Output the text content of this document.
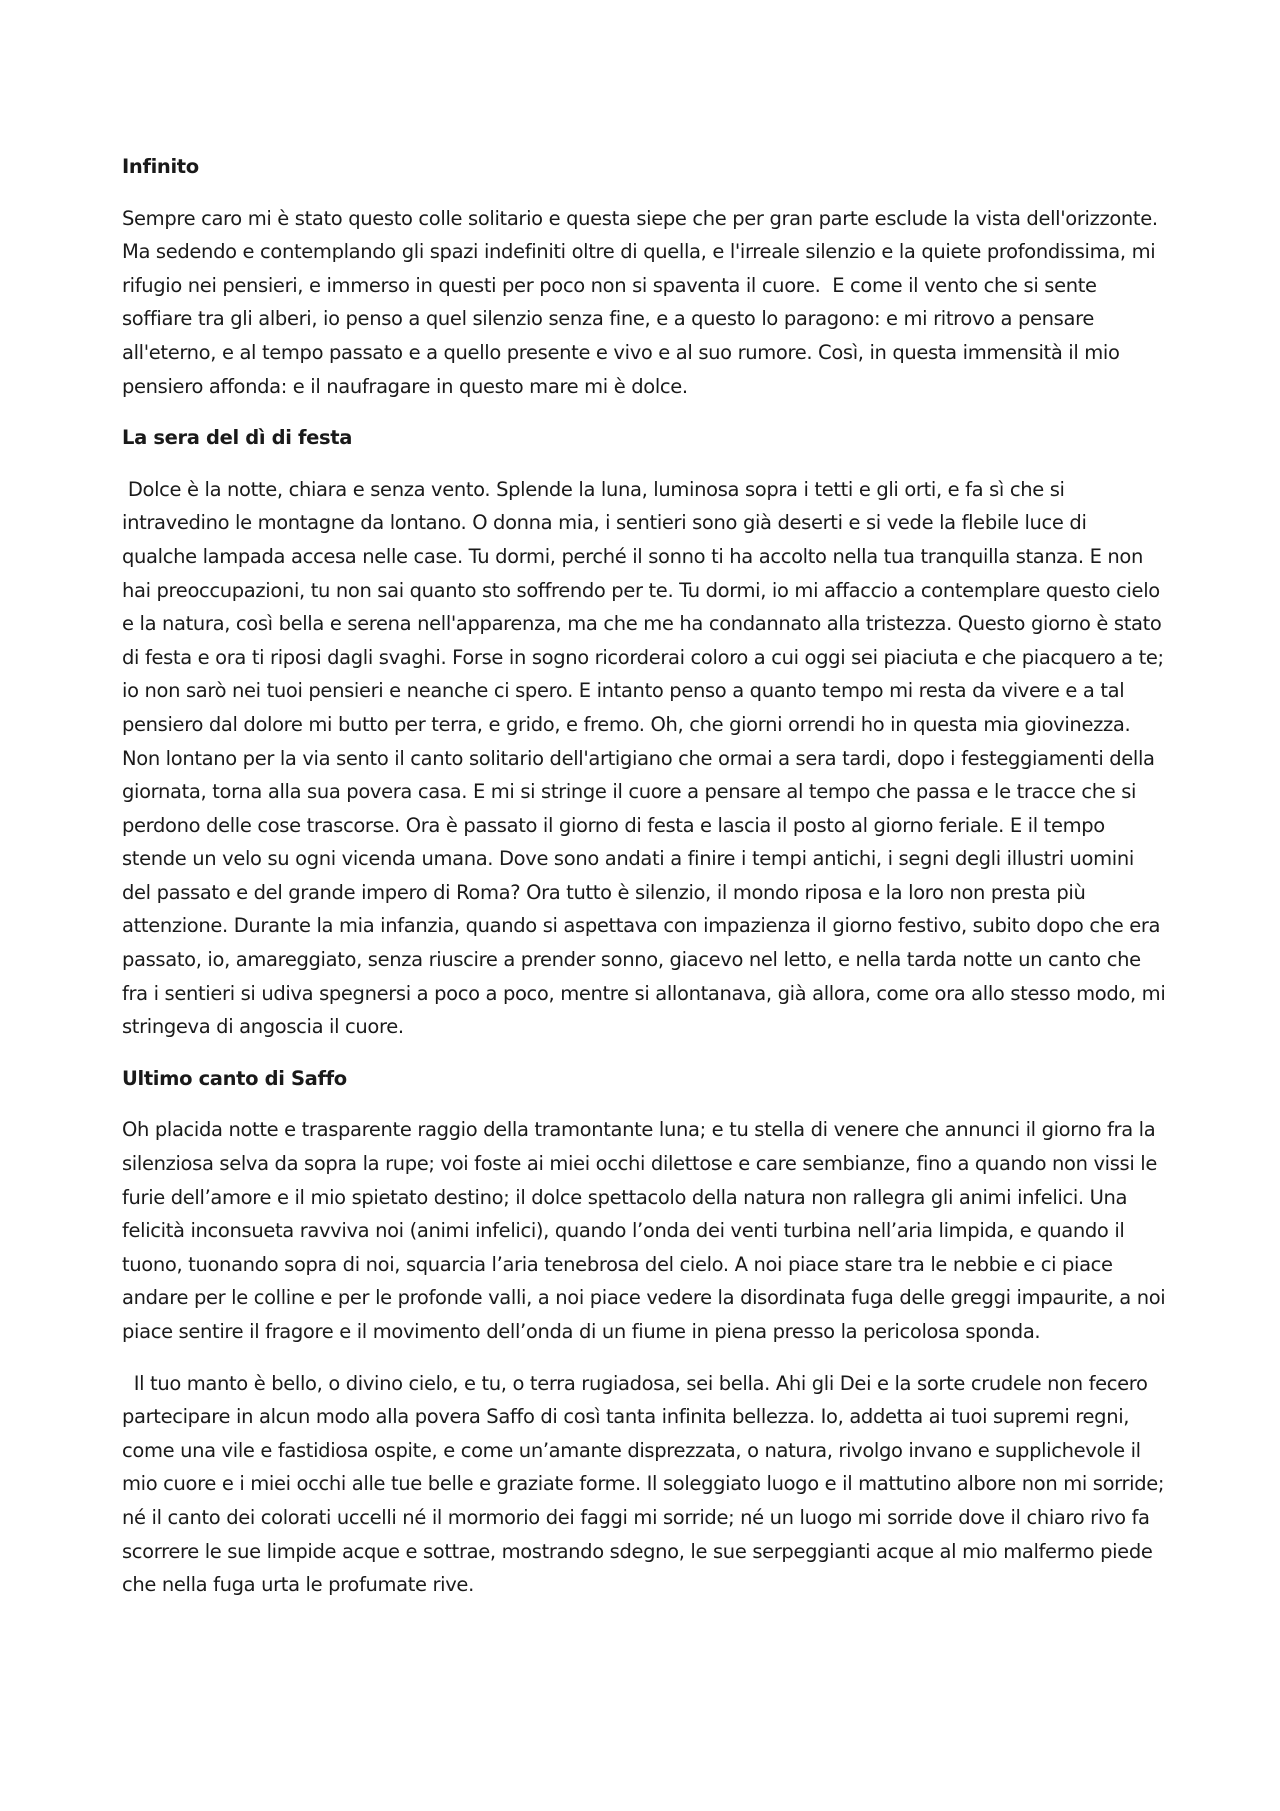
Infinito

Sempre caro mi è stato questo colle solitario e questa siepe che per gran parte esclude la vista dell'orizzonte.  Ma sedendo e contemplando gli spazi indefiniti oltre di quella, e l'irreale silenzio e la quiete profondissima, mi rifugio nei pensieri, e immerso in questi per poco non si spaventa il cuore.  E come il vento che si sente soffiare tra gli alberi, io penso a quel silenzio senza fine, e a questo lo paragono: e mi ritrovo a pensare all'eterno, e al tempo passato e a quello presente e vivo e al suo rumore. Così, in questa immensità il mio pensiero affonda: e il naufragare in questo mare mi è dolce.

La sera del dì di festa

Dolce è la notte, chiara e senza vento. Splende la luna, luminosa sopra i tetti e gli orti, e fa sì che si intravedino le montagne da lontano. O donna mia, i sentieri sono già deserti e si vede la flebile luce di qualche lampada accesa nelle case. Tu dormi, perché il sonno ti ha accolto nella tua tranquilla stanza. E non hai preoccupazioni, tu non sai quanto sto soffrendo per te. Tu dormi, io mi affaccio a contemplare questo cielo e la natura, così bella e serena nell'apparenza, ma che me ha condannato alla tristezza. Questo giorno è stato di festa e ora ti riposi dagli svaghi. Forse in sogno ricorderai coloro a cui oggi sei piaciuta e che piacquero a te; io non sarò nei tuoi pensieri e neanche ci spero. E intanto penso a quanto tempo mi resta da vivere e a tal pensiero dal dolore mi butto per terra, e grido, e fremo. Oh, che giorni orrendi ho in questa mia giovinezza. Non lontano per la via sento il canto solitario dell'artigiano che ormai a sera tardi, dopo i festeggiamenti della giornata, torna alla sua povera casa. E mi si stringe il cuore a pensare al tempo che passa e le tracce che si perdono delle cose trascorse. Ora è passato il giorno di festa e lascia il posto al giorno feriale. E il tempo stende un velo su ogni vicenda umana. Dove sono andati a finire i tempi antichi, i segni degli illustri uomini del passato e del grande impero di Roma? Ora tutto è silenzio, il mondo riposa e la loro non presta più attenzione. Durante la mia infanzia, quando si aspettava con impazienza il giorno festivo, subito dopo che era passato, io, amareggiato, senza riuscire a prender sonno, giacevo nel letto, e nella tarda notte un canto che fra i sentieri si udiva spegnersi a poco a poco, mentre si allontanava, già allora, come ora allo stesso modo, mi stringeva di angoscia il cuore.

Ultimo canto di Saffo

Oh placida notte e trasparente raggio della tramontante luna; e tu stella di venere che annunci il giorno fra la silenziosa selva da sopra la rupe; voi foste ai miei occhi dilettose e care sembianze, fino a quando non vissi le furie dell’amore e il mio spietato destino; il dolce spettacolo della natura non rallegra gli animi infelici. Una felicità inconsueta ravviva noi (animi infelici), quando l’onda dei venti turbina nell’aria limpida, e quando il tuono, tuonando sopra di noi, squarcia l’aria tenebrosa del cielo. A noi piace stare tra le nebbie e ci piace andare per le colline e per le profonde valli, a noi piace vedere la disordinata fuga delle greggi impaurite, a noi piace sentire il fragore e il movimento dell’onda di un fiume in piena presso la pericolosa sponda.

Il tuo manto è bello, o divino cielo, e tu, o terra rugiadosa, sei bella. Ahi gli Dei e la sorte crudele non fecero partecipare in alcun modo alla povera Saffo di così tanta infinita bellezza. Io, addetta ai tuoi supremi regni, come una vile e fastidiosa ospite, e come un’amante disprezzata, o natura, rivolgo invano e supplichevole il mio cuore e i miei occhi alle tue belle e graziate forme. Il soleggiato luogo e il mattutino albore non mi sorride; né il canto dei colorati uccelli né il mormorio dei faggi mi sorride; né un luogo mi sorride dove il chiaro rivo fa scorrere le sue limpide acque e sottrae, mostrando sdegno, le sue serpeggianti acque al mio malfermo piede che nella fuga urta le profumate rive.
